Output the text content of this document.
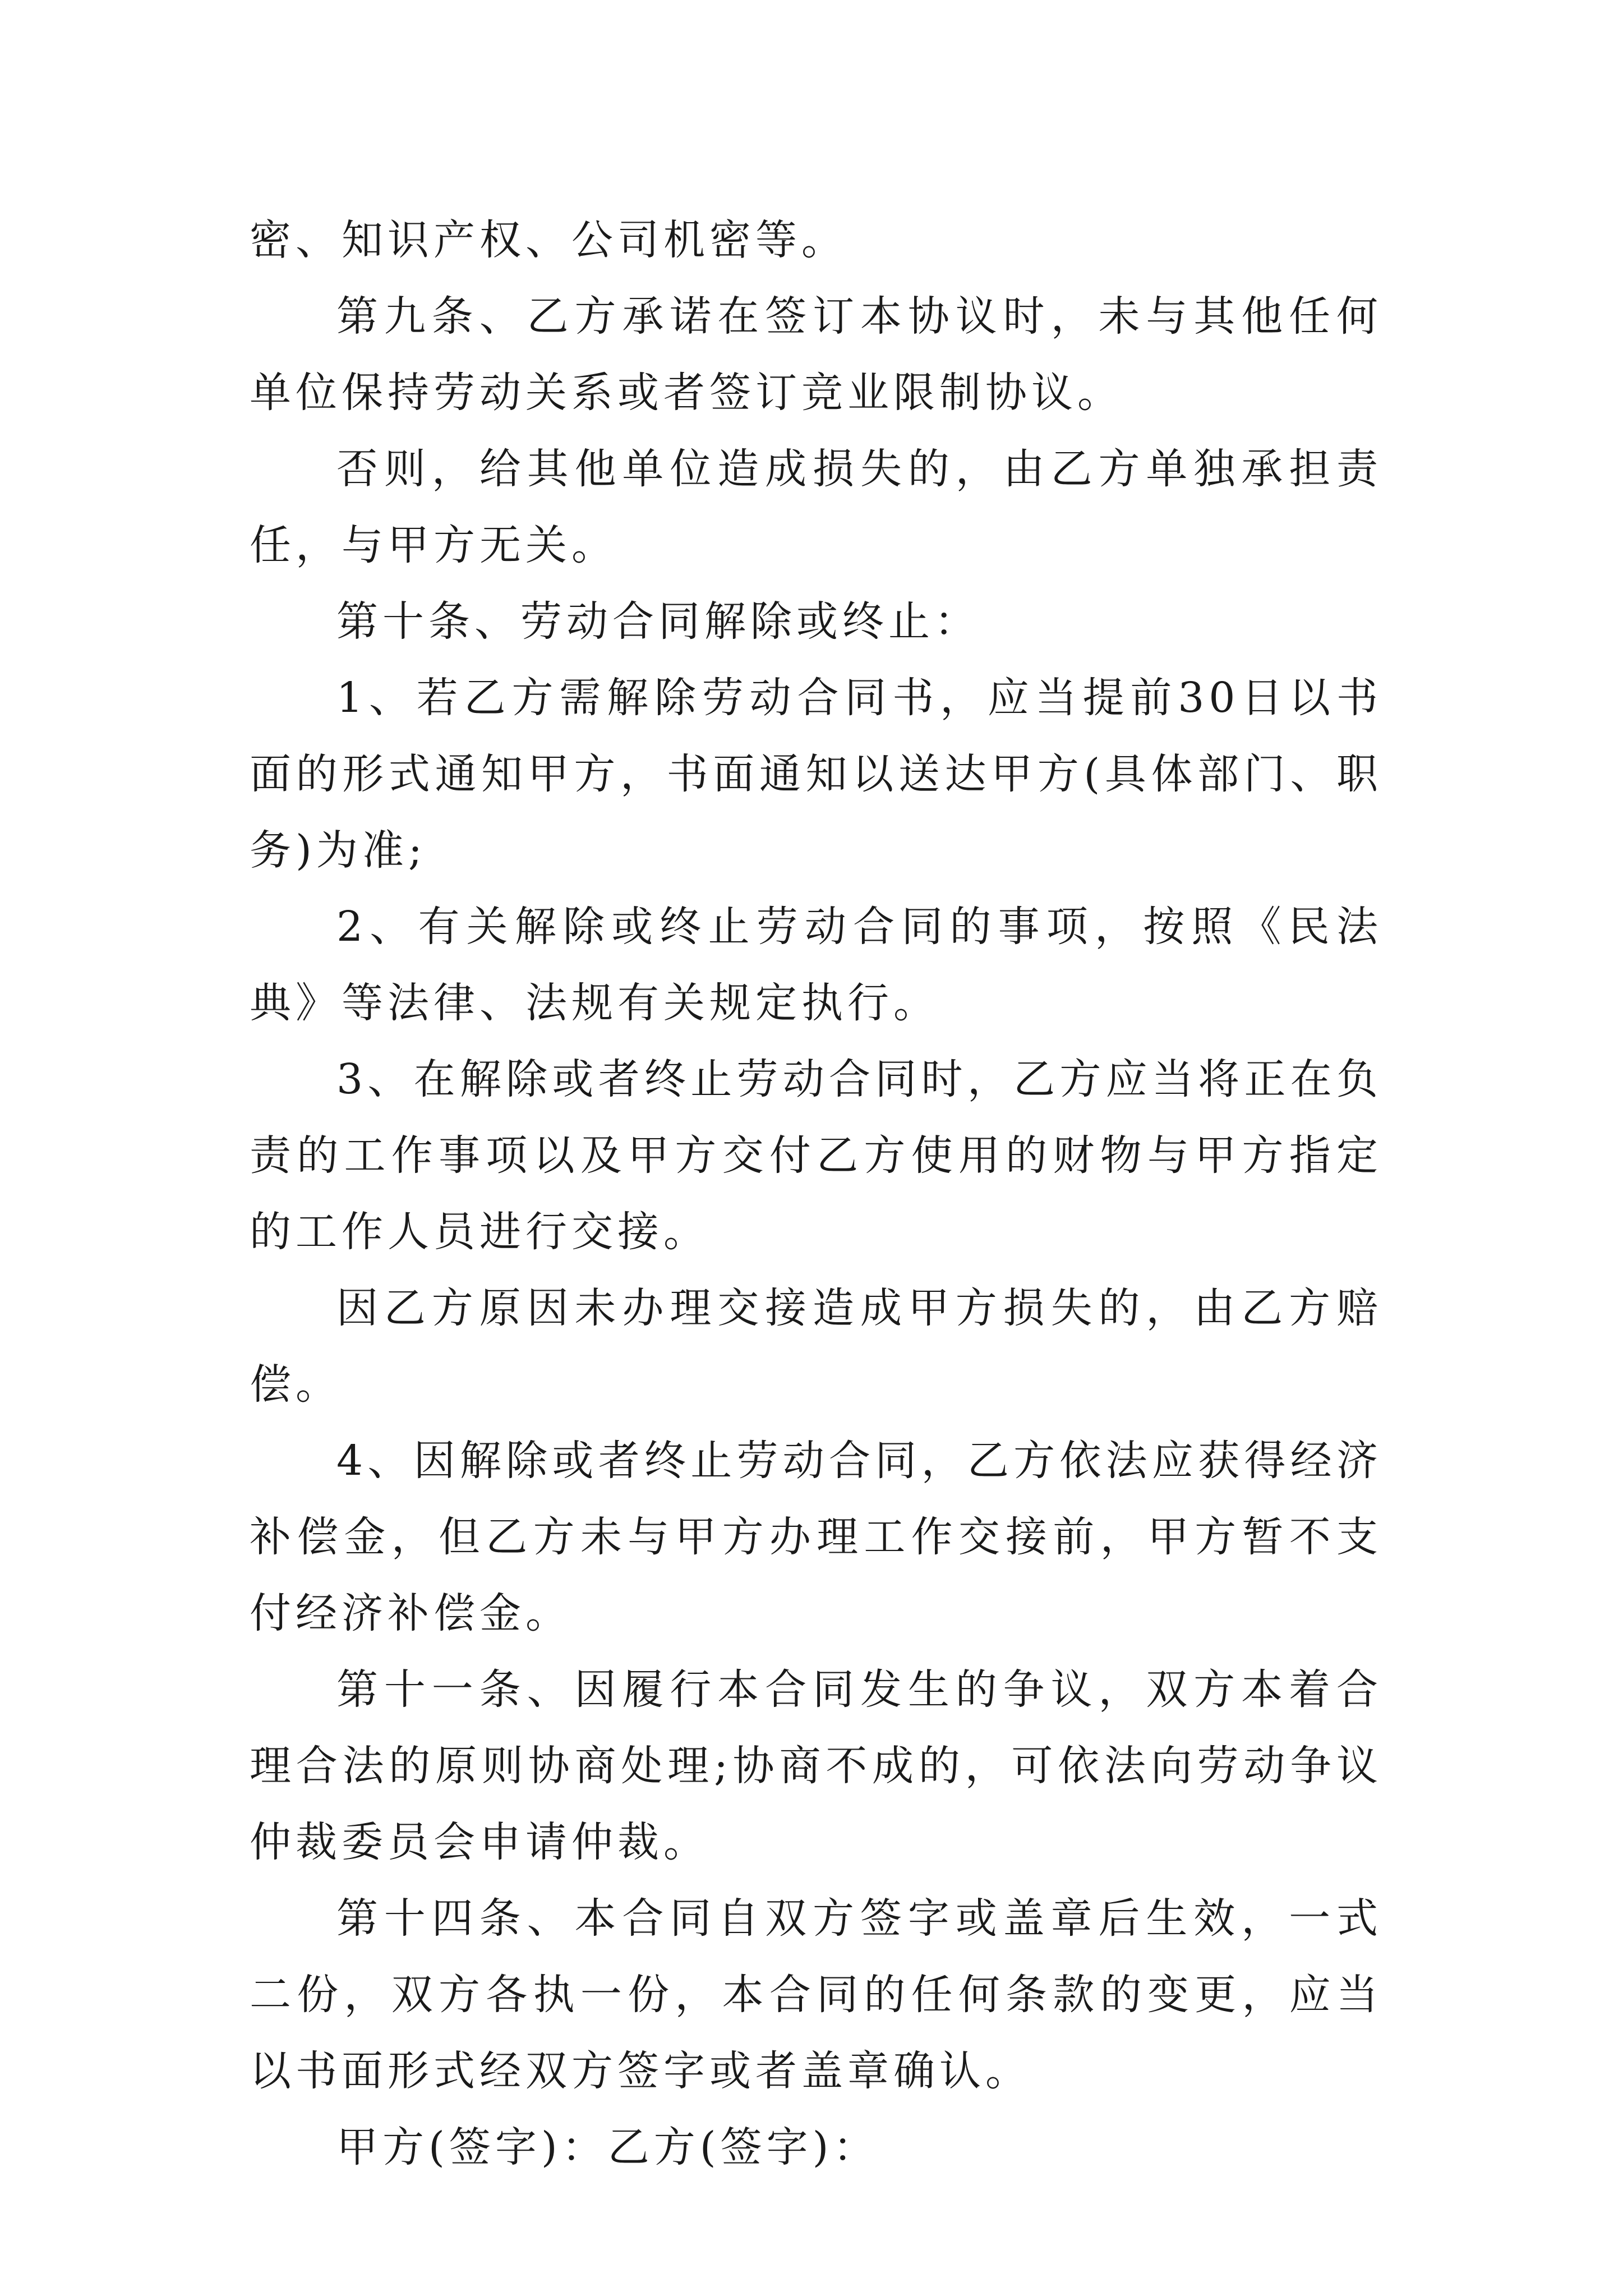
密、知识产权、公司机密等。

第九条、乙方承诺在签订本协议时，未与其他任何单位保持劳动关系或者签订竞业限制协议。

否则，给其他单位造成损失的，由乙方单独承担责任，与甲方无关。

第十条、劳动合同解除或终止：

1、若乙方需解除劳动合同书，应当提前30日以书面的形式通知甲方，书面通知以送达甲方(具体部门、职务)为准;

2、有关解除或终止劳动合同的事项，按照《民法典》等法律、法规有关规定执行。

3、在解除或者终止劳动合同时，乙方应当将正在负责的工作事项以及甲方交付乙方使用的财物与甲方指定的工作人员进行交接。

因乙方原因未办理交接造成甲方损失的，由乙方赔偿。

4、因解除或者终止劳动合同，乙方依法应获得经济补偿金，但乙方未与甲方办理工作交接前，甲方暂不支付经济补偿金。

第十一条、因履行本合同发生的争议，双方本着合理合法的原则协商处理;协商不成的，可依法向劳动争议仲裁委员会申请仲裁。

第十四条、本合同自双方签字或盖章后生效，一式二份，双方各执一份，本合同的任何条款的变更，应当以书面形式经双方签字或者盖章确认。

甲方(签字)：乙方(签字)：
